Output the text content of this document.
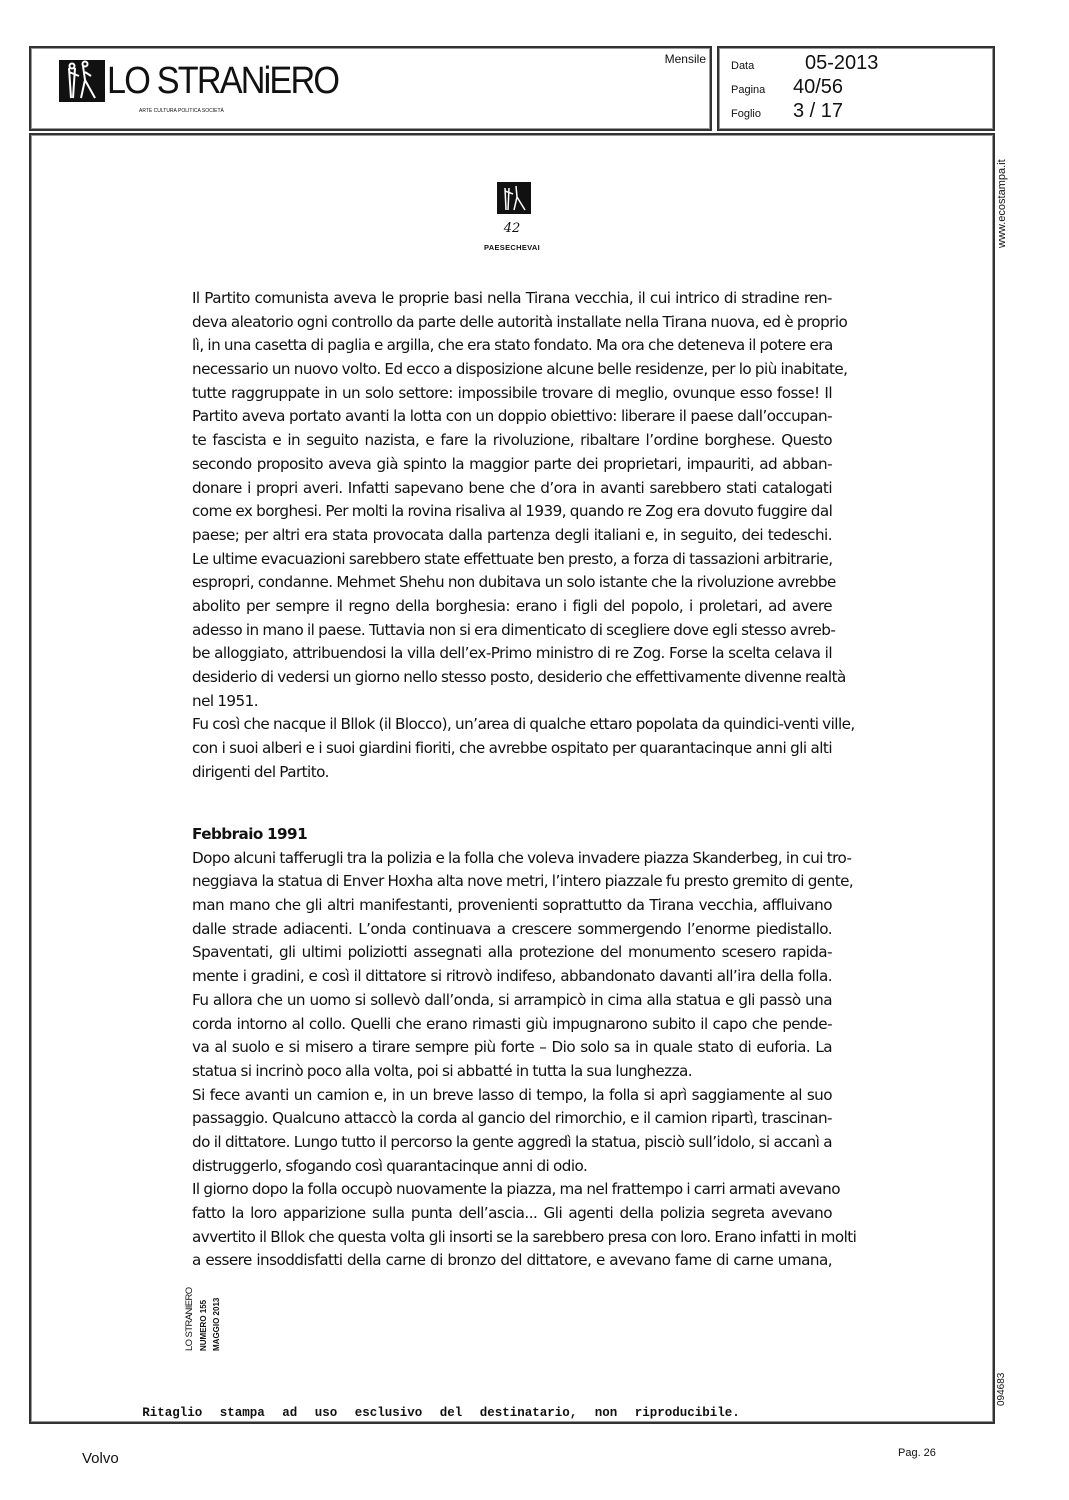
LO STRANiERO
ARTE CULTURA POLITICA SOCIETÀ
Mensile Data	05-2013
Pagina	40/56
Foglio	3 / 17
42
PAESECHEVAI
Il Partito comunista aveva le proprie basi nella Tirana vecchia, il cui intrico di stradine ren-
deva aleatorio ogni controllo da parte delle autorità installate nella Tirana nuova, ed è proprio
lì, in una casetta di paglia e argilla, che era stato fondato. Ma ora che deteneva il potere era
necessario un nuovo volto. Ed ecco a disposizione alcune belle residenze, per lo più inabitate,
tutte raggruppate in un solo settore: impossibile trovare di meglio, ovunque esso fosse! Il
Partito aveva portato avanti la lotta con un doppio obiettivo: liberare il paese dall’occupan-
te fascista e in seguito nazista, e fare la rivoluzione, ribaltare l’ordine borghese. Questo
secondo proposito aveva già spinto la maggior parte dei proprietari, impauriti, ad abban-
donare i propri averi. Infatti sapevano bene che d’ora in avanti sarebbero stati catalogati
come ex borghesi. Per molti la rovina risaliva al 1939, quando re Zog era dovuto fuggire dal
paese; per altri era stata provocata dalla partenza degli italiani e, in seguito, dei tedeschi.
Le ultime evacuazioni sarebbero state effettuate ben presto, a forza di tassazioni arbitrarie,
espropri, condanne. Mehmet Shehu non dubitava un solo istante che la rivoluzione avrebbe
abolito per sempre il regno della borghesia: erano i figli del popolo, i proletari, ad avere
adesso in mano il paese. Tuttavia non si era dimenticato di scegliere dove egli stesso avreb-
be alloggiato, attribuendosi la villa dell’ex-Primo ministro di re Zog. Forse la scelta celava il
desiderio di vedersi un giorno nello stesso posto, desiderio che effettivamente divenne realtà
nel 1951.
Fu così che nacque il Bllok (il Blocco), un’area di qualche ettaro popolata da quindici-venti ville,
con i suoi alberi e i suoi giardini fioriti, che avrebbe ospitato per quarantacinque anni gli alti
dirigenti del Partito.
Febbraio 1991
Dopo alcuni tafferugli tra la polizia e la folla che voleva invadere piazza Skanderbeg, in cui tro-
neggiava la statua di Enver Hoxha alta nove metri, l’intero piazzale fu presto gremito di gente,
man mano che gli altri manifestanti, provenienti soprattutto da Tirana vecchia, affluivano
dalle strade adiacenti. L’onda continuava a crescere sommergendo l’enorme piedistallo.
Spaventati, gli ultimi poliziotti assegnati alla protezione del monumento scesero rapida-
mente i gradini, e così il dittatore si ritrovò indifeso, abbandonato davanti all’ira della folla.
Fu allora che un uomo si sollevò dall’onda, si arrampicò in cima alla statua e gli passò una
corda intorno al collo. Quelli che erano rimasti giù impugnarono subito il capo che pende-
va al suolo e si misero a tirare sempre più forte – Dio solo sa in quale stato di euforia. La
statua si incrinò poco alla volta, poi si abbatté in tutta la sua lunghezza.
Si fece avanti un camion e, in un breve lasso di tempo, la folla si aprì saggiamente al suo
passaggio. Qualcuno attaccò la corda al gancio del rimorchio, e il camion ripartì, trascinan-
do il dittatore. Lungo tutto il percorso la gente aggredì la statua, pisciò sull’idolo, si accanì a
distruggerlo, sfogando così quarantacinque anni di odio.
Il giorno dopo la folla occupò nuovamente la piazza, ma nel frattempo i carri armati avevano
fatto la loro apparizione sulla punta dell’ascia... Gli agenti della polizia segreta avevano
avvertito il Bllok che questa volta gli insorti se la sarebbero presa con loro. Erano infatti in molti
a essere insoddisfatti della carne di bronzo del dittatore, e avevano fame di carne umana,
LO STRANIERO NUMERO 155 MAGGIO 2013
Ritaglio stampa ad uso esclusivo del destinatario, non riproducibile.
www.ecostampa.it
094683
Volvo	Pag. 26
